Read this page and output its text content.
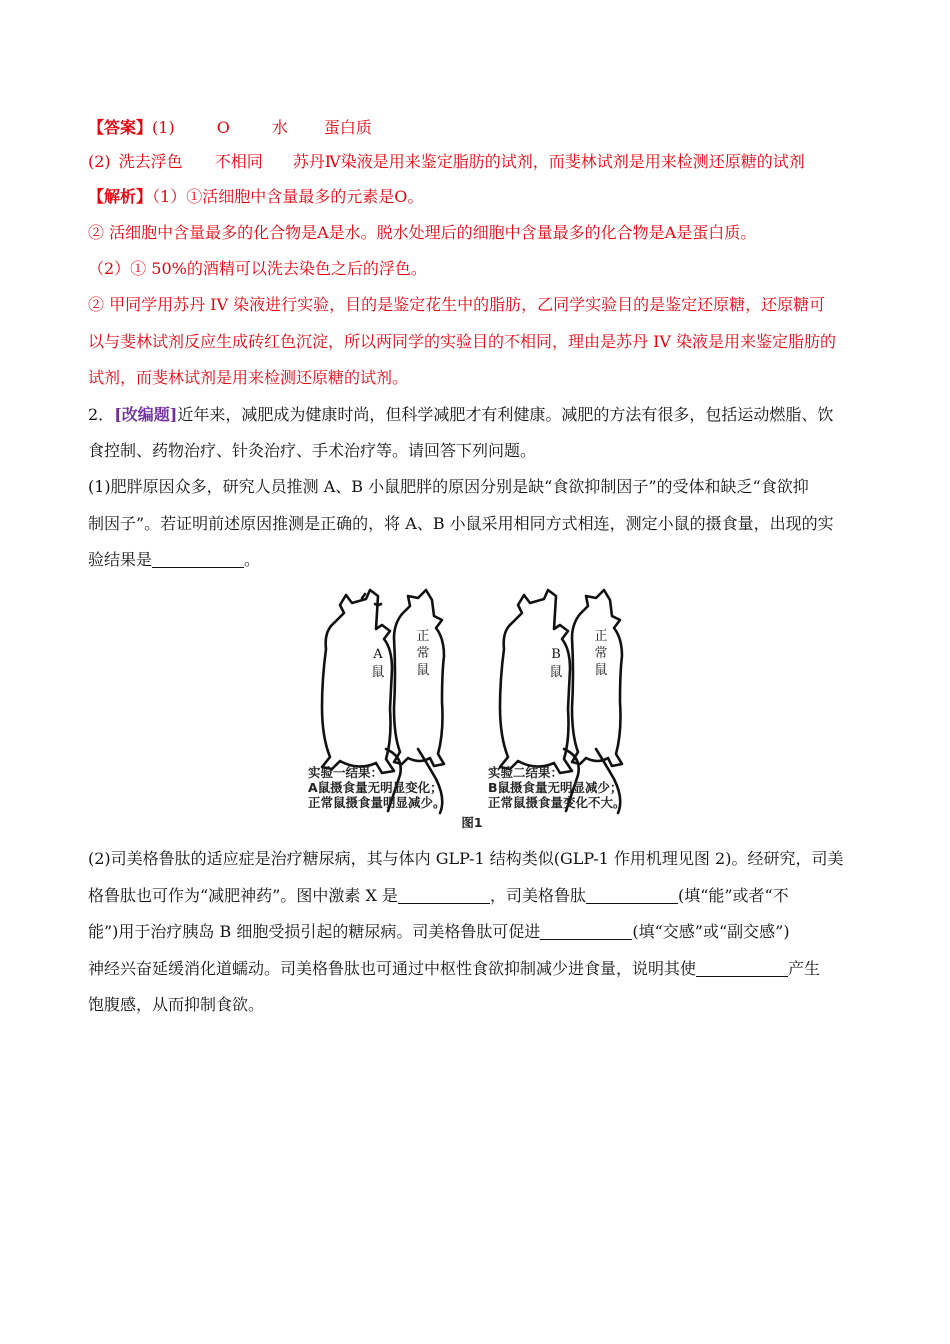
【答案】(1)	O	水 蛋白质
(2) 洗去浮色 不相同 苏丹Ⅳ染液是用来鉴定脂肪的试剂，而斐林试剂是用来检测还原糖的试剂
【解析】（1）①活细胞中含量最多的元素是O。
② 活细胞中含量最多的化合物是A是水。脱水处理后的细胞中含量最多的化合物是A是蛋白质。
（2）① 50%的酒精可以洗去染色之后的浮色。
② 甲同学用苏丹 IV 染液进行实验，目的是鉴定花生中的脂肪，乙同学实验目的是鉴定还原糖，还原糖可
以与斐林试剂反应生成砖红色沉淀，所以两同学的实验目的不相同，理由是苏丹 IV 染液是用来鉴定脂肪的
试剂，而斐林试剂是用来检测还原糖的试剂。
2．[改编题]近年来，减肥成为健康时尚，但科学减肥才有利健康。减肥的方法有很多，包括运动燃脂、饮
食控制、药物治疗、针灸治疗、手术治疗等。请回答下列问题。
(1)肥胖原因众多，研究人员推测 A、B 小鼠肥胖的原因分别是缺“食欲抑制因子”的受体和缺乏“食欲抑
制因子”。若证明前述原因推测是正确的，将 A、B 小鼠采用相同方式相连，测定小鼠的摄食量，出现的实
验结果是	。
A
鼠
正
常
鼠
B
鼠
正
常
鼠
实验一结果：
A鼠摄食量无明显变化；
正常鼠摄食量明显减少。
实验二结果：
B鼠摄食量无明显减少；
正常鼠摄食量变化不大。
图1
(2)司美格鲁肽的适应症是治疗糖尿病，其与体内 GLP-1 结构类似(GLP-1 作用机理见图 2)。经研究，司美
格鲁肽也可作为“减肥神药”。图中激素 X 是	，司美格鲁肽	(填“能”或者“不
能”)用于治疗胰岛 B 细胞受损引起的糖尿病。司美格鲁肽可促进	(填“交感”或“副交感”)
神经兴奋延缓消化道蠕动。司美格鲁肽也可通过中枢性食欲抑制减少进食量，说明其使	产生
饱腹感，从而抑制食欲。
